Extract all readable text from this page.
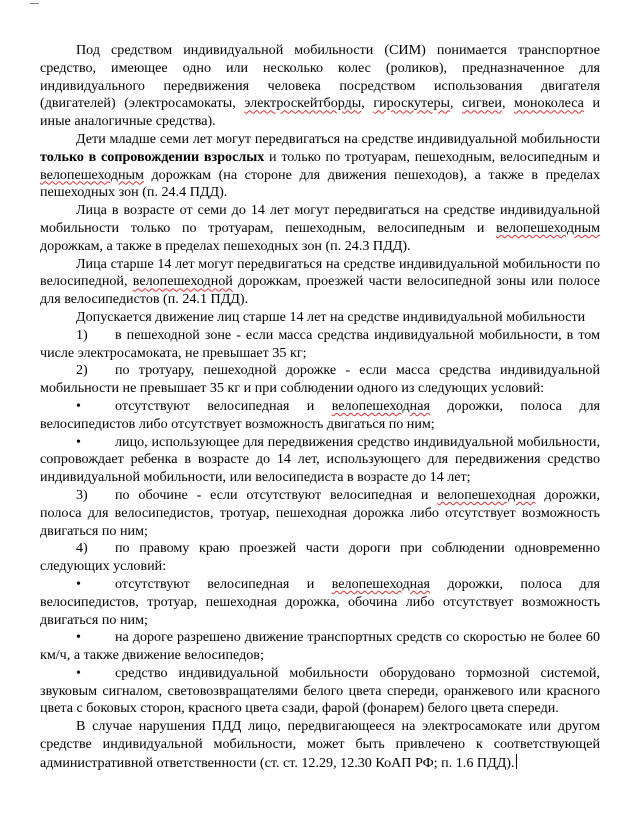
Под средством индивидуальной мобильности (СИМ) понимается транспортное средство, имеющее одно или несколько колес (роликов), предназначенное для индивидуального передвижения человека посредством использования двигателя (двигателей) (электросамокаты, электроскейтборды, гироскутеры, сигвеи, моноколеса и иные аналогичные средства).

Дети младше семи лет могут передвигаться на средстве индивидуальной мобильности только в сопровождении взрослых и только по тротуарам, пешеходным, велосипедным и велопешеходным дорожкам (на стороне для движения пешеходов), а также в пределах пешеходных зон (п. 24.4 ПДД).

Лица в возрасте от семи до 14 лет могут передвигаться на средстве индивидуальной мобильности только по тротуарам, пешеходным, велосипедным и велопешеходным дорожкам, а также в пределах пешеходных зон (п. 24.3 ПДД).

Лица старше 14 лет могут передвигаться на средстве индивидуальной мобильности по велосипедной, велопешеходной дорожкам, проезжей части велосипедной зоны или полосе для велосипедистов (п. 24.1 ПДД).

Допускается движение лиц старше 14 лет на средстве индивидуальной мобильности

1) в пешеходной зоне - если масса средства индивидуальной мобильности, в том числе электросамоката, не превышает 35 кг;

2) по тротуару, пешеходной дорожке - если масса средства индивидуальной мобильности не превышает 35 кг и при соблюдении одного из следующих условий:

• отсутствуют велосипедная и велопешеходная дорожки, полоса для велосипедистов либо отсутствует возможность двигаться по ним;

• лицо, использующее для передвижения средство индивидуальной мобильности, сопровождает ребенка в возрасте до 14 лет, использующего для передвижения средство индивидуальной мобильности, или велосипедиста в возрасте до 14 лет;

3) по обочине - если отсутствуют велосипедная и велопешеходная дорожки, полоса для велосипедистов, тротуар, пешеходная дорожка либо отсутствует возможность двигаться по ним;

4) по правому краю проезжей части дороги при соблюдении одновременно следующих условий:

• отсутствуют велосипедная и велопешеходная дорожки, полоса для велосипедистов, тротуар, пешеходная дорожка, обочина либо отсутствует возможность двигаться по ним;

• на дороге разрешено движение транспортных средств со скоростью не более 60 км/ч, а также движение велосипедов;

• средство индивидуальной мобильности оборудовано тормозной системой, звуковым сигналом, световозвращателями белого цвета спереди, оранжевого или красного цвета с боковых сторон, красного цвета сзади, фарой (фонарем) белого цвета спереди.

В случае нарушения ПДД лицо, передвигающееся на электросамокате или другом средстве индивидуальной мобильности, может быть привлечено к соответствующей административной ответственности (ст. ст. 12.29, 12.30 КоАП РФ; п. 1.6 ПДД).
